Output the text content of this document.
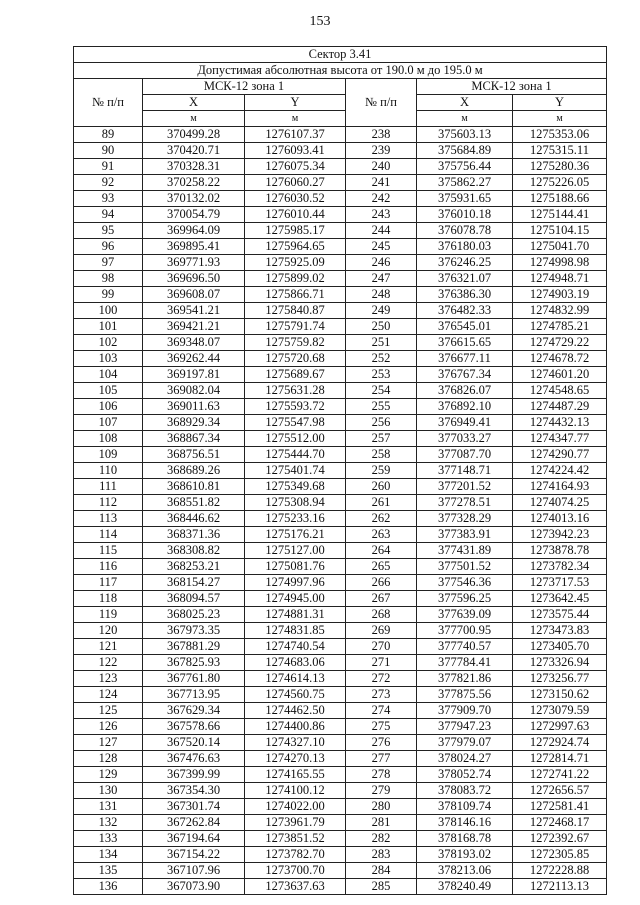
153
Сектор 3.41					
Допустимая абсолютная высота от 190.0 м до 195.0 м					
№ п/п	МСК-12 зона 1		№ п/п	МСК-12 зона 1	
	X	Y		X	Y
	м	м		м	м
89	370499.28	1276107.37	238	375603.13	1275353.06
90	370420.71	1276093.41	239	375684.89	1275315.11
91	370328.31	1276075.34	240	375756.44	1275280.36
92	370258.22	1276060.27	241	375862.27	1275226.05
93	370132.02	1276030.52	242	375931.65	1275188.66
94	370054.79	1276010.44	243	376010.18	1275144.41
95	369964.09	1275985.17	244	376078.78	1275104.15
96	369895.41	1275964.65	245	376180.03	1275041.70
97	369771.93	1275925.09	246	376246.25	1274998.98
98	369696.50	1275899.02	247	376321.07	1274948.71
99	369608.07	1275866.71	248	376386.30	1274903.19
100	369541.21	1275840.87	249	376482.33	1274832.99
101	369421.21	1275791.74	250	376545.01	1274785.21
102	369348.07	1275759.82	251	376615.65	1274729.22
103	369262.44	1275720.68	252	376677.11	1274678.72
104	369197.81	1275689.67	253	376767.34	1274601.20
105	369082.04	1275631.28	254	376826.07	1274548.65
106	369011.63	1275593.72	255	376892.10	1274487.29
107	368929.34	1275547.98	256	376949.41	1274432.13
108	368867.34	1275512.00	257	377033.27	1274347.77
109	368756.51	1275444.70	258	377087.70	1274290.77
110	368689.26	1275401.74	259	377148.71	1274224.42
111	368610.81	1275349.68	260	377201.52	1274164.93
112	368551.82	1275308.94	261	377278.51	1274074.25
113	368446.62	1275233.16	262	377328.29	1274013.16
114	368371.36	1275176.21	263	377383.91	1273942.23
115	368308.82	1275127.00	264	377431.89	1273878.78
116	368253.21	1275081.76	265	377501.52	1273782.34
117	368154.27	1274997.96	266	377546.36	1273717.53
118	368094.57	1274945.00	267	377596.25	1273642.45
119	368025.23	1274881.31	268	377639.09	1273575.44
120	367973.35	1274831.85	269	377700.95	1273473.83
121	367881.29	1274740.54	270	377740.57	1273405.70
122	367825.93	1274683.06	271	377784.41	1273326.94
123	367761.80	1274614.13	272	377821.86	1273256.77
124	367713.95	1274560.75	273	377875.56	1273150.62
125	367629.34	1274462.50	274	377909.70	1273079.59
126	367578.66	1274400.86	275	377947.23	1272997.63
127	367520.14	1274327.10	276	377979.07	1272924.74
128	367476.63	1274270.13	277	378024.27	1272814.71
129	367399.99	1274165.55	278	378052.74	1272741.22
130	367354.30	1274100.12	279	378083.72	1272656.57
131	367301.74	1274022.00	280	378109.74	1272581.41
132	367262.84	1273961.79	281	378146.16	1272468.17
133	367194.64	1273851.52	282	378168.78	1272392.67
134	367154.22	1273782.70	283	378193.02	1272305.85
135	367107.96	1273700.70	284	378213.06	1272228.88
136	367073.90	1273637.63	285	378240.49	1272113.13
